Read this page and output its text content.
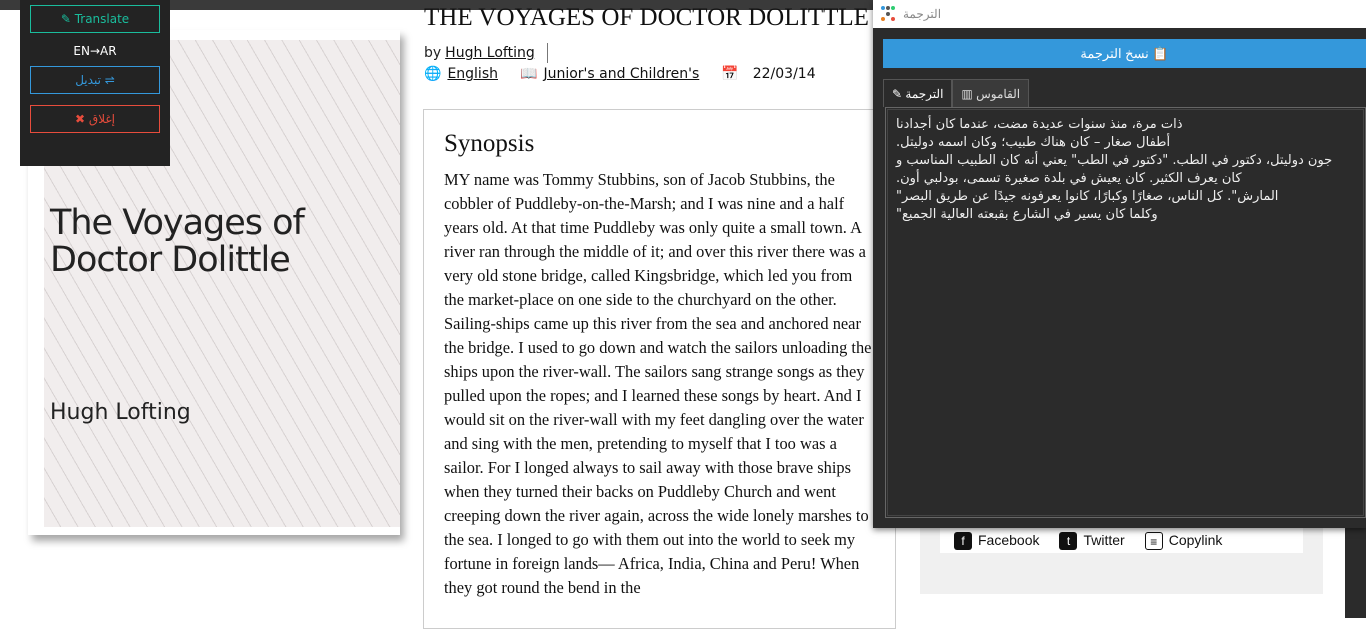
The Voyages of Doctor Dolittle
Hugh Lofting
✎ Translate
EN→AR
تبديل ⇌
✖ إغلاق
THE VOYAGES OF DOCTOR DOLITTLE
by Hugh Lofting
🌐 English 📖 Junior's and Children's 📅 22/03/14
Synopsis

MY name was Tommy Stubbins, son of Jacob Stubbins, the cobbler of Puddleby-on-the-Marsh; and I was nine and a half years old. At that time Puddleby was only quite a small town. A river ran through the middle of it; and over this river there was a very old stone bridge, called Kingsbridge, which led you from the market-place on one side to the churchyard on the other. Sailing-ships came up this river from the sea and anchored near the bridge. I used to go down and watch the sailors unloading the ships upon the river-wall. The sailors sang strange songs as they pulled upon the ropes; and I learned these songs by heart. And I would sit on the river-wall with my feet dangling over the water and sing with the men, pretending to myself that I too was a sailor. For I longed always to sail away with those brave ships when they turned their backs on Puddleby Church and went creeping down the river again, across the wide lonely marshes to the sea. I longed to go with them out into the world to seek my fortune in foreign lands— Africa, India, China and Peru! When they got round the bend in the

f Facebook	t Twitter	≡ Copylink
الترجمة
نسخ الترجمة 📋
✎ الترجمة	▥ القاموس
ذات مرة، منذ سنوات عديدة مضت، عندما كان أجدادنا
أطفال صغار – كان هناك طبيب؛ وكان اسمه دوليتل.
جون دوليتل، دكتور في الطب. "دكتور في الطب" يعني أنه كان الطبيب المناسب و
كان يعرف الكثير. كان يعيش في بلدة صغيرة تسمى، بودلبي أون.
المارش". كل الناس، صغارًا وكبارًا، كانوا يعرفونه جيدًا عن طريق البصر"
وكلما كان يسير في الشارع بقبعته العالية الجميع"
